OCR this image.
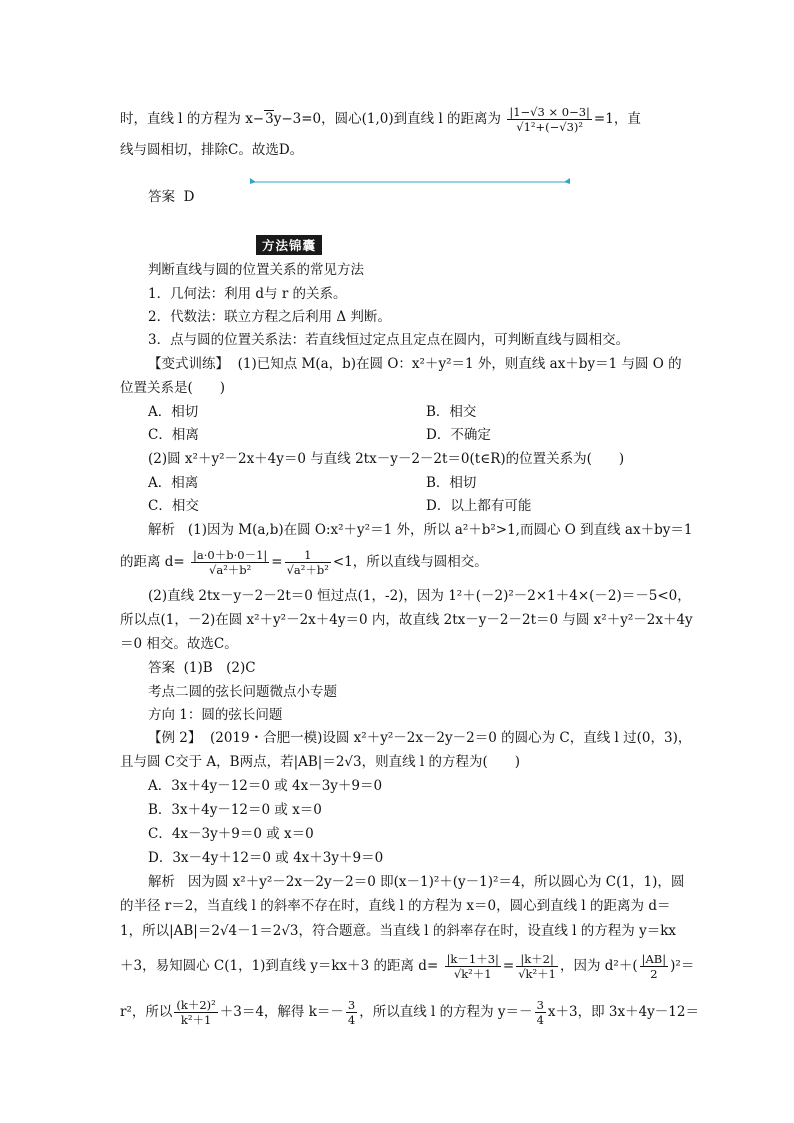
时，直线 l 的方程为 x−3y−3=0，圆心(1,0)到直线 l 的距离为 $\frac{|1-√3 \times 0-3|}{\text{√1²+(−√3)²}} =1$，直
线与圆相切，排除C。故选D。
答案 D
方法锦囊
判断直线与圆的位置关系的常见方法
1．几何法：利用 d与 r 的关系。
2．代数法：联立方程之后利用 Δ 判断。
3．点与圆的位置关系法：若直线恒过定点且定点在圆内，可判断直线与圆相交。
【变式训练】 (1)已知点 M(a，b)在圆 O：x²＋y²＝1 外，则直线 ax＋by＝1 与圆 O 的
位置关系是(　　)
A．相切	B．相交
C．相离	D．不确定
(2)圆 x²＋y²－2x＋4y＝0 与直线 2tx－y－2－2t＝0(t∈R)的位置关系为(　　)
A．相离	B．相切
C．相交	D．以上都有可能
解析 (1)因为 M(a,b)在圆 O:x²＋y²＝1 外，所以 a²＋b²>1,而圆心 O 到直线 ax＋by＝1
的距离 $d= \frac{|a\cdot 0+b\cdot 0-1|}{\text{√a²＋b²}} = \frac{1}{\text{√a²＋b²}} <1$，所以直线与圆相交。
(2)直线 2tx－y－2－2t＝0 恒过点(1，-2)，因为 1²＋(－2)²－2×1＋4×(－2)＝－5<0，
所以点(1，－2)在圆 x²＋y²－2x＋4y＝0 内，故直线 2tx－y－2－2t＝0 与圆 x²＋y²－2x＋4y
＝0 相交。故选C。
答案 (1)B　(2)C
考点二圆的弦长问题微点小专题
方向 1：圆的弦长问题
【例 2】 (2019・合肥一模)设圆 x²＋y²－2x－2y－2＝0 的圆心为 C，直线 l 过(0，3)，
且与圆 C交于 A，B两点，若|AB|＝2√3，则直线 l 的方程为(　　)
A．3x＋4y－12＝0 或 4x－3y＋9＝0
B．3x＋4y－12＝0 或 x＝0
C．4x－3y＋9＝0 或 x＝0
D．3x－4y＋12＝0 或 4x＋3y＋9＝0
解析 因为圆 x²＋y²－2x－2y－2＝0 即(x－1)²＋(y－1)²＝4，所以圆心为 C(1，1)，圆
的半径 r＝2，当直线 l 的斜率不存在时，直线 l 的方程为 x＝0，圆心到直线 l 的距离为 d＝
1，所以|AB|＝2√4－1＝2√3，符合题意。当直线 l 的斜率存在时，设直线 l 的方程为 y＝kx
＋3，易知圆心 C(1，1)到直线 y＝kx＋3 的距离 $d= \frac{|k-1+3|}{\text{√k²＋1}} = \frac{|k+2|}{\text{√k²＋1}}$ ，因为 $d^2+( \frac{|AB|}{2} )^2=$
r²，所以 $\frac{\text{(k＋2)²}}{\text{k²＋1}} +3=4$，解得 $k=- \frac{3}{4}$ ，所以直线 l 的方程为 $y=- \frac{3}{4} x+3$，即 3x＋4y－12＝
